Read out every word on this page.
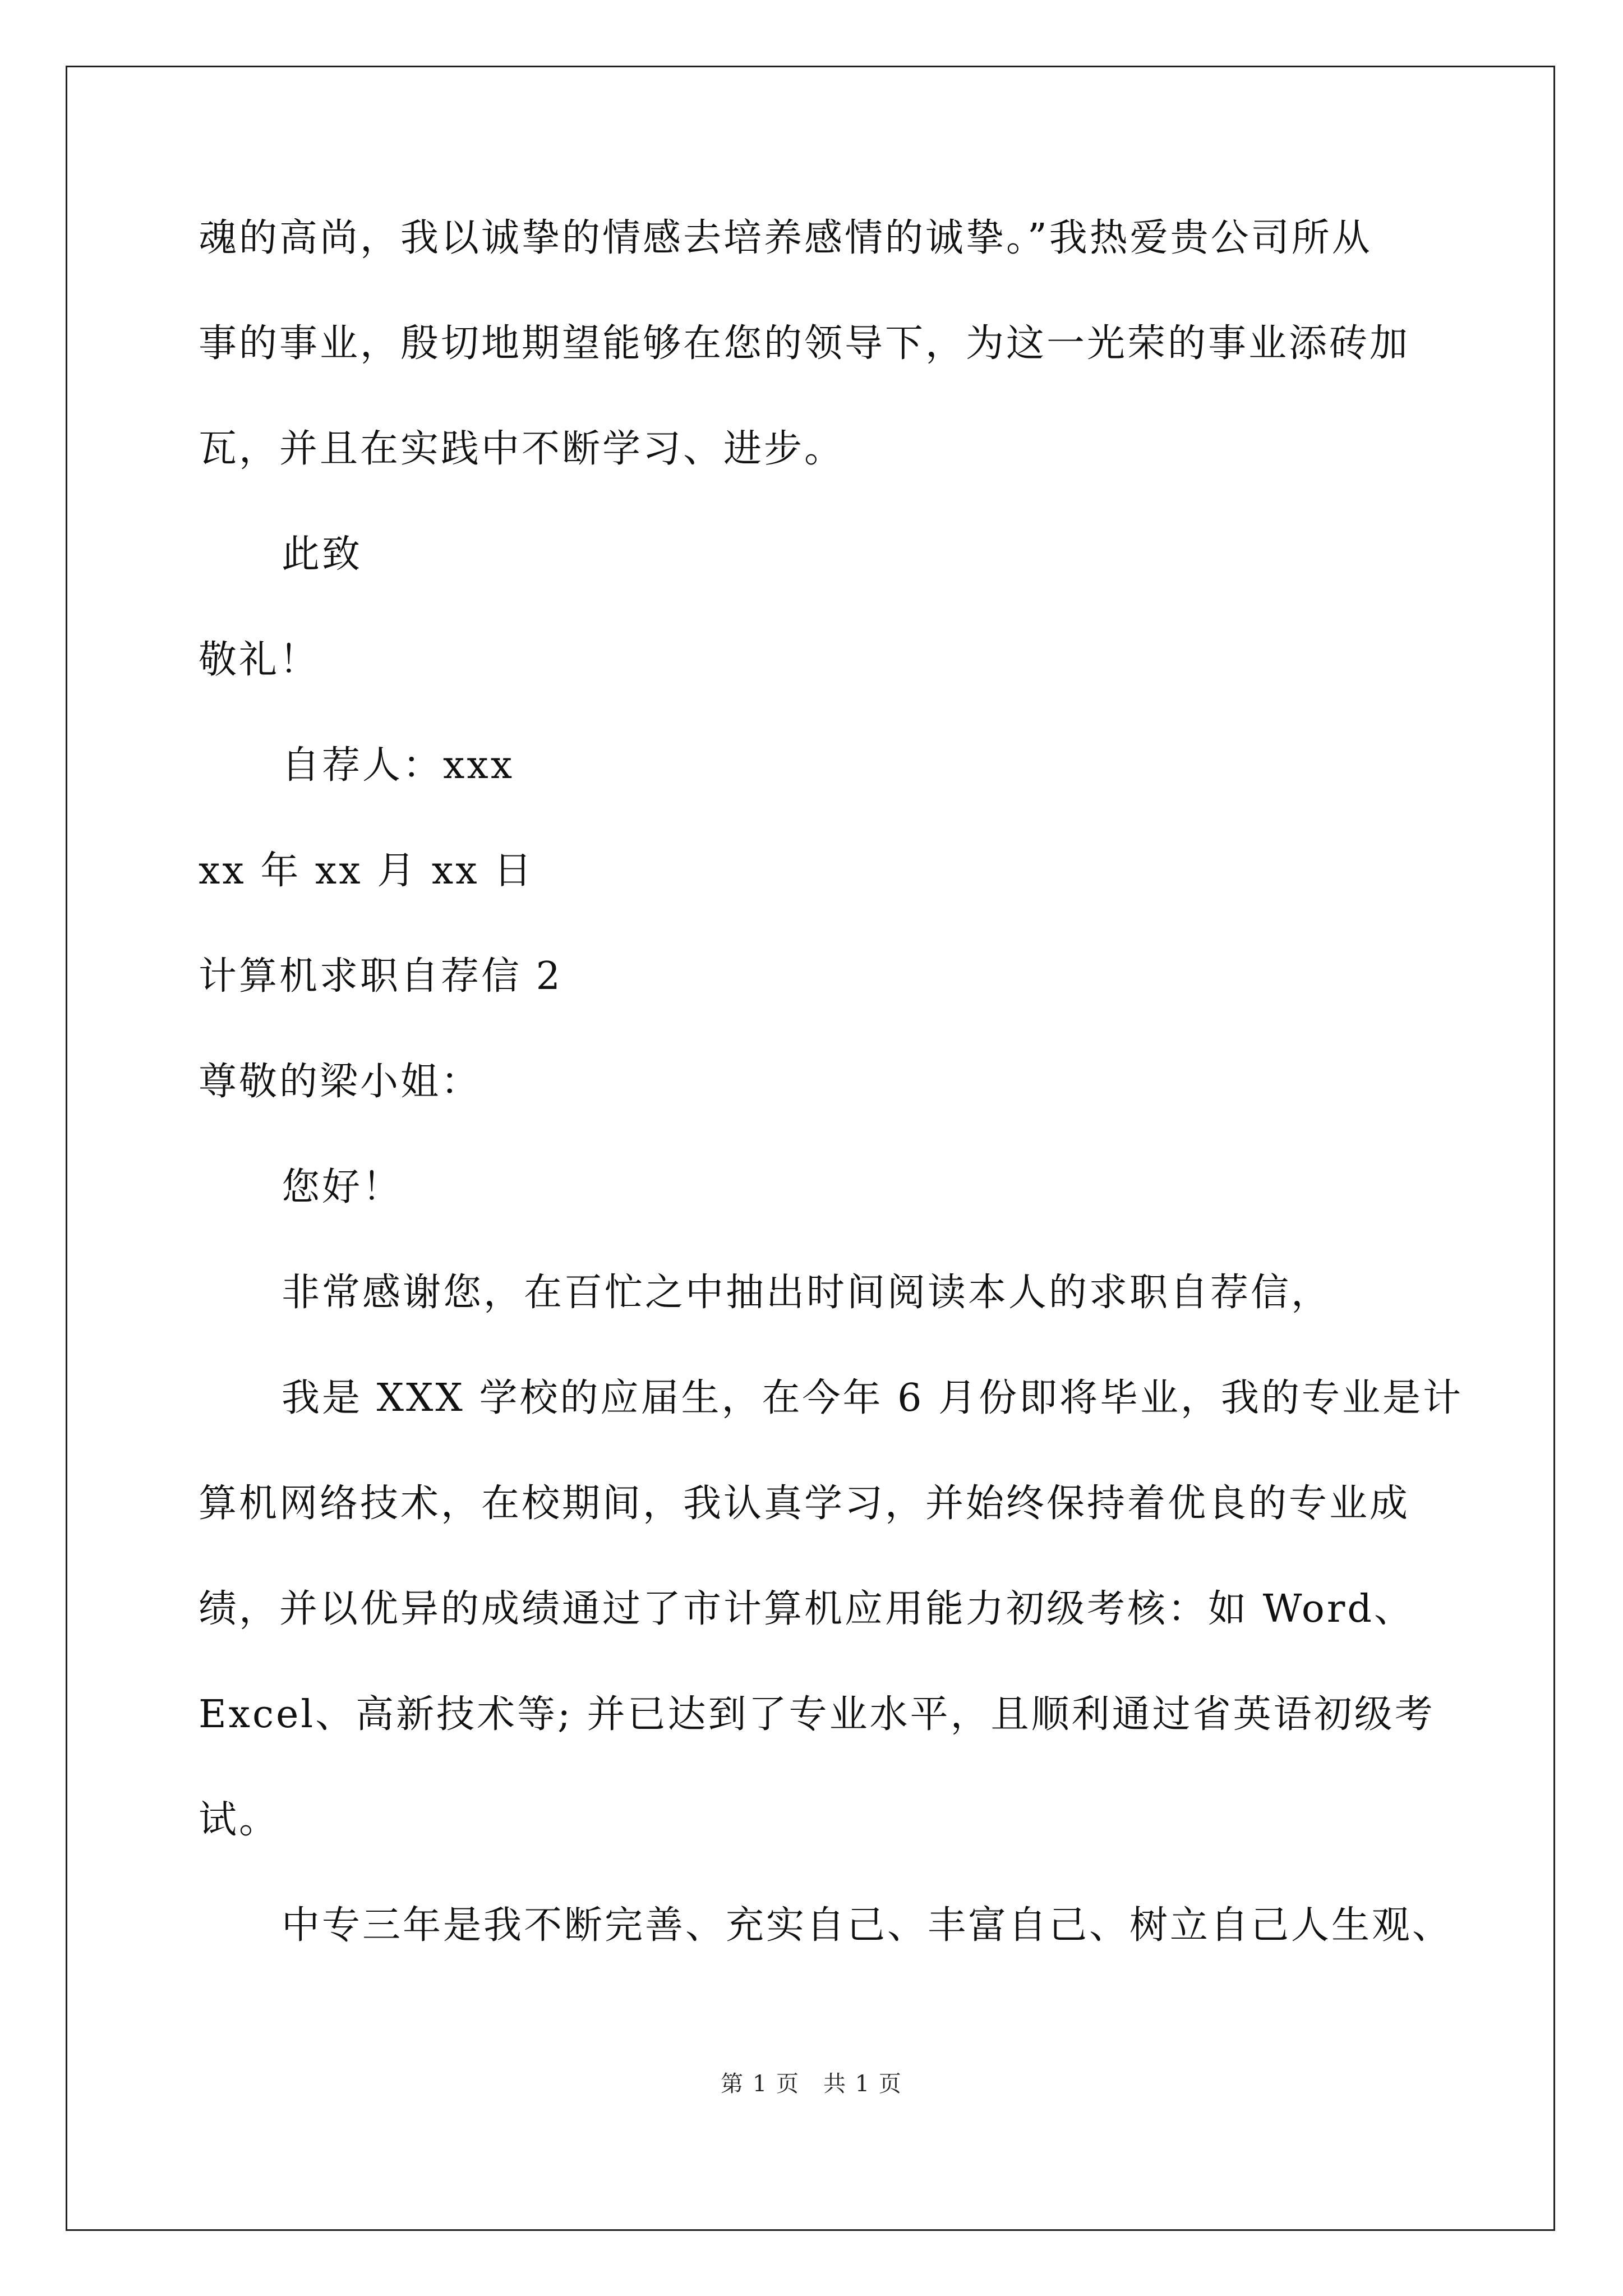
魂的高尚，我以诚挚的情感去培养感情的诚挚。”我热爱贵公司所从
事的事业，殷切地期望能够在您的领导下，为这一光荣的事业添砖加
瓦，并且在实践中不断学习、进步。
此致
敬礼！
自荐人：xxx
xx 年 xx 月 xx 日
计算机求职自荐信 2
尊敬的梁小姐：
您好！
非常感谢您，在百忙之中抽出时间阅读本人的求职自荐信，
我是 XXX 学校的应届生，在今年 6 月份即将毕业，我的专业是计
算机网络技术，在校期间，我认真学习，并始终保持着优良的专业成
绩，并以优异的成绩通过了市计算机应用能力初级考核：如 Word、
Excel、高新技术等; 并已达到了专业水平，且顺利通过省英语初级考
试。
中专三年是我不断完善、充实自己、丰富自己、树立自己人生观、
第 1 页　共 1 页
